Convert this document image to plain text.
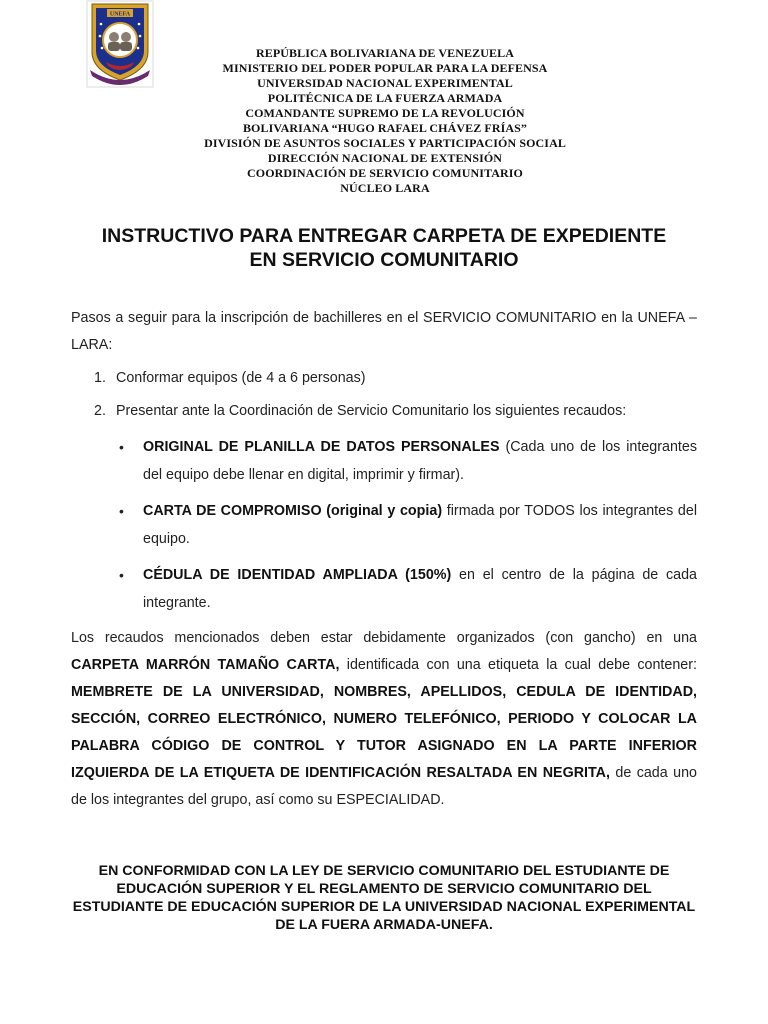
UNEFA
REPÚBLICA BOLIVARIANA DE VENEZUELA
MINISTERIO DEL PODER POPULAR PARA LA DEFENSA
UNIVERSIDAD NACIONAL EXPERIMENTAL
POLITÉCNICA DE LA FUERZA ARMADA
COMANDANTE SUPREMO DE LA REVOLUCIÓN
BOLIVARIANA “HUGO RAFAEL CHÁVEZ FRÍAS”
DIVISIÓN DE ASUNTOS SOCIALES Y PARTICIPACIÓN SOCIAL
DIRECCIÓN NACIONAL DE EXTENSIÓN
COORDINACIÓN DE SERVICIO COMUNITARIO
NÚCLEO LARA
INSTRUCTIVO PARA ENTREGAR CARPETA DE EXPEDIENTE
EN SERVICIO COMUNITARIO

Pasos a seguir para la inscripción de bachilleres en el SERVICIO COMUNITARIO en la UNEFA – LARA:

1. Conformar equipos (de 4 a 6 personas)
2. Presentar ante la Coordinación de Servicio Comunitario los siguientes recaudos:
• ORIGINAL DE PLANILLA DE DATOS PERSONALES (Cada uno de los integrantes del equipo debe llenar en digital, imprimir y firmar).
• CARTA DE COMPROMISO (original y copia) firmada por TODOS los integrantes del equipo.
• CÉDULA DE IDENTIDAD AMPLIADA (150%) en el centro de la página de cada integrante.

Los recaudos mencionados deben estar debidamente organizados (con gancho) en una CARPETA MARRÓN TAMAÑO CARTA, identificada con una etiqueta la cual debe contener: MEMBRETE DE LA UNIVERSIDAD, NOMBRES, APELLIDOS, CEDULA DE IDENTIDAD, SECCIÓN, CORREO ELECTRÓNICO, NUMERO TELEFÓNICO, PERIODO Y COLOCAR LA PALABRA CÓDIGO DE CONTROL Y TUTOR ASIGNADO EN LA PARTE INFERIOR IZQUIERDA DE LA ETIQUETA DE IDENTIFICACIÓN RESALTADA EN NEGRITA, de cada uno de los integrantes del grupo, así como su ESPECIALIDAD.

EN CONFORMIDAD CON LA LEY DE SERVICIO COMUNITARIO DEL ESTUDIANTE DE EDUCACIÓN SUPERIOR Y EL REGLAMENTO DE SERVICIO COMUNITARIO DEL ESTUDIANTE DE EDUCACIÓN SUPERIOR DE LA UNIVERSIDAD NACIONAL EXPERIMENTAL DE LA FUERA ARMADA-UNEFA.
